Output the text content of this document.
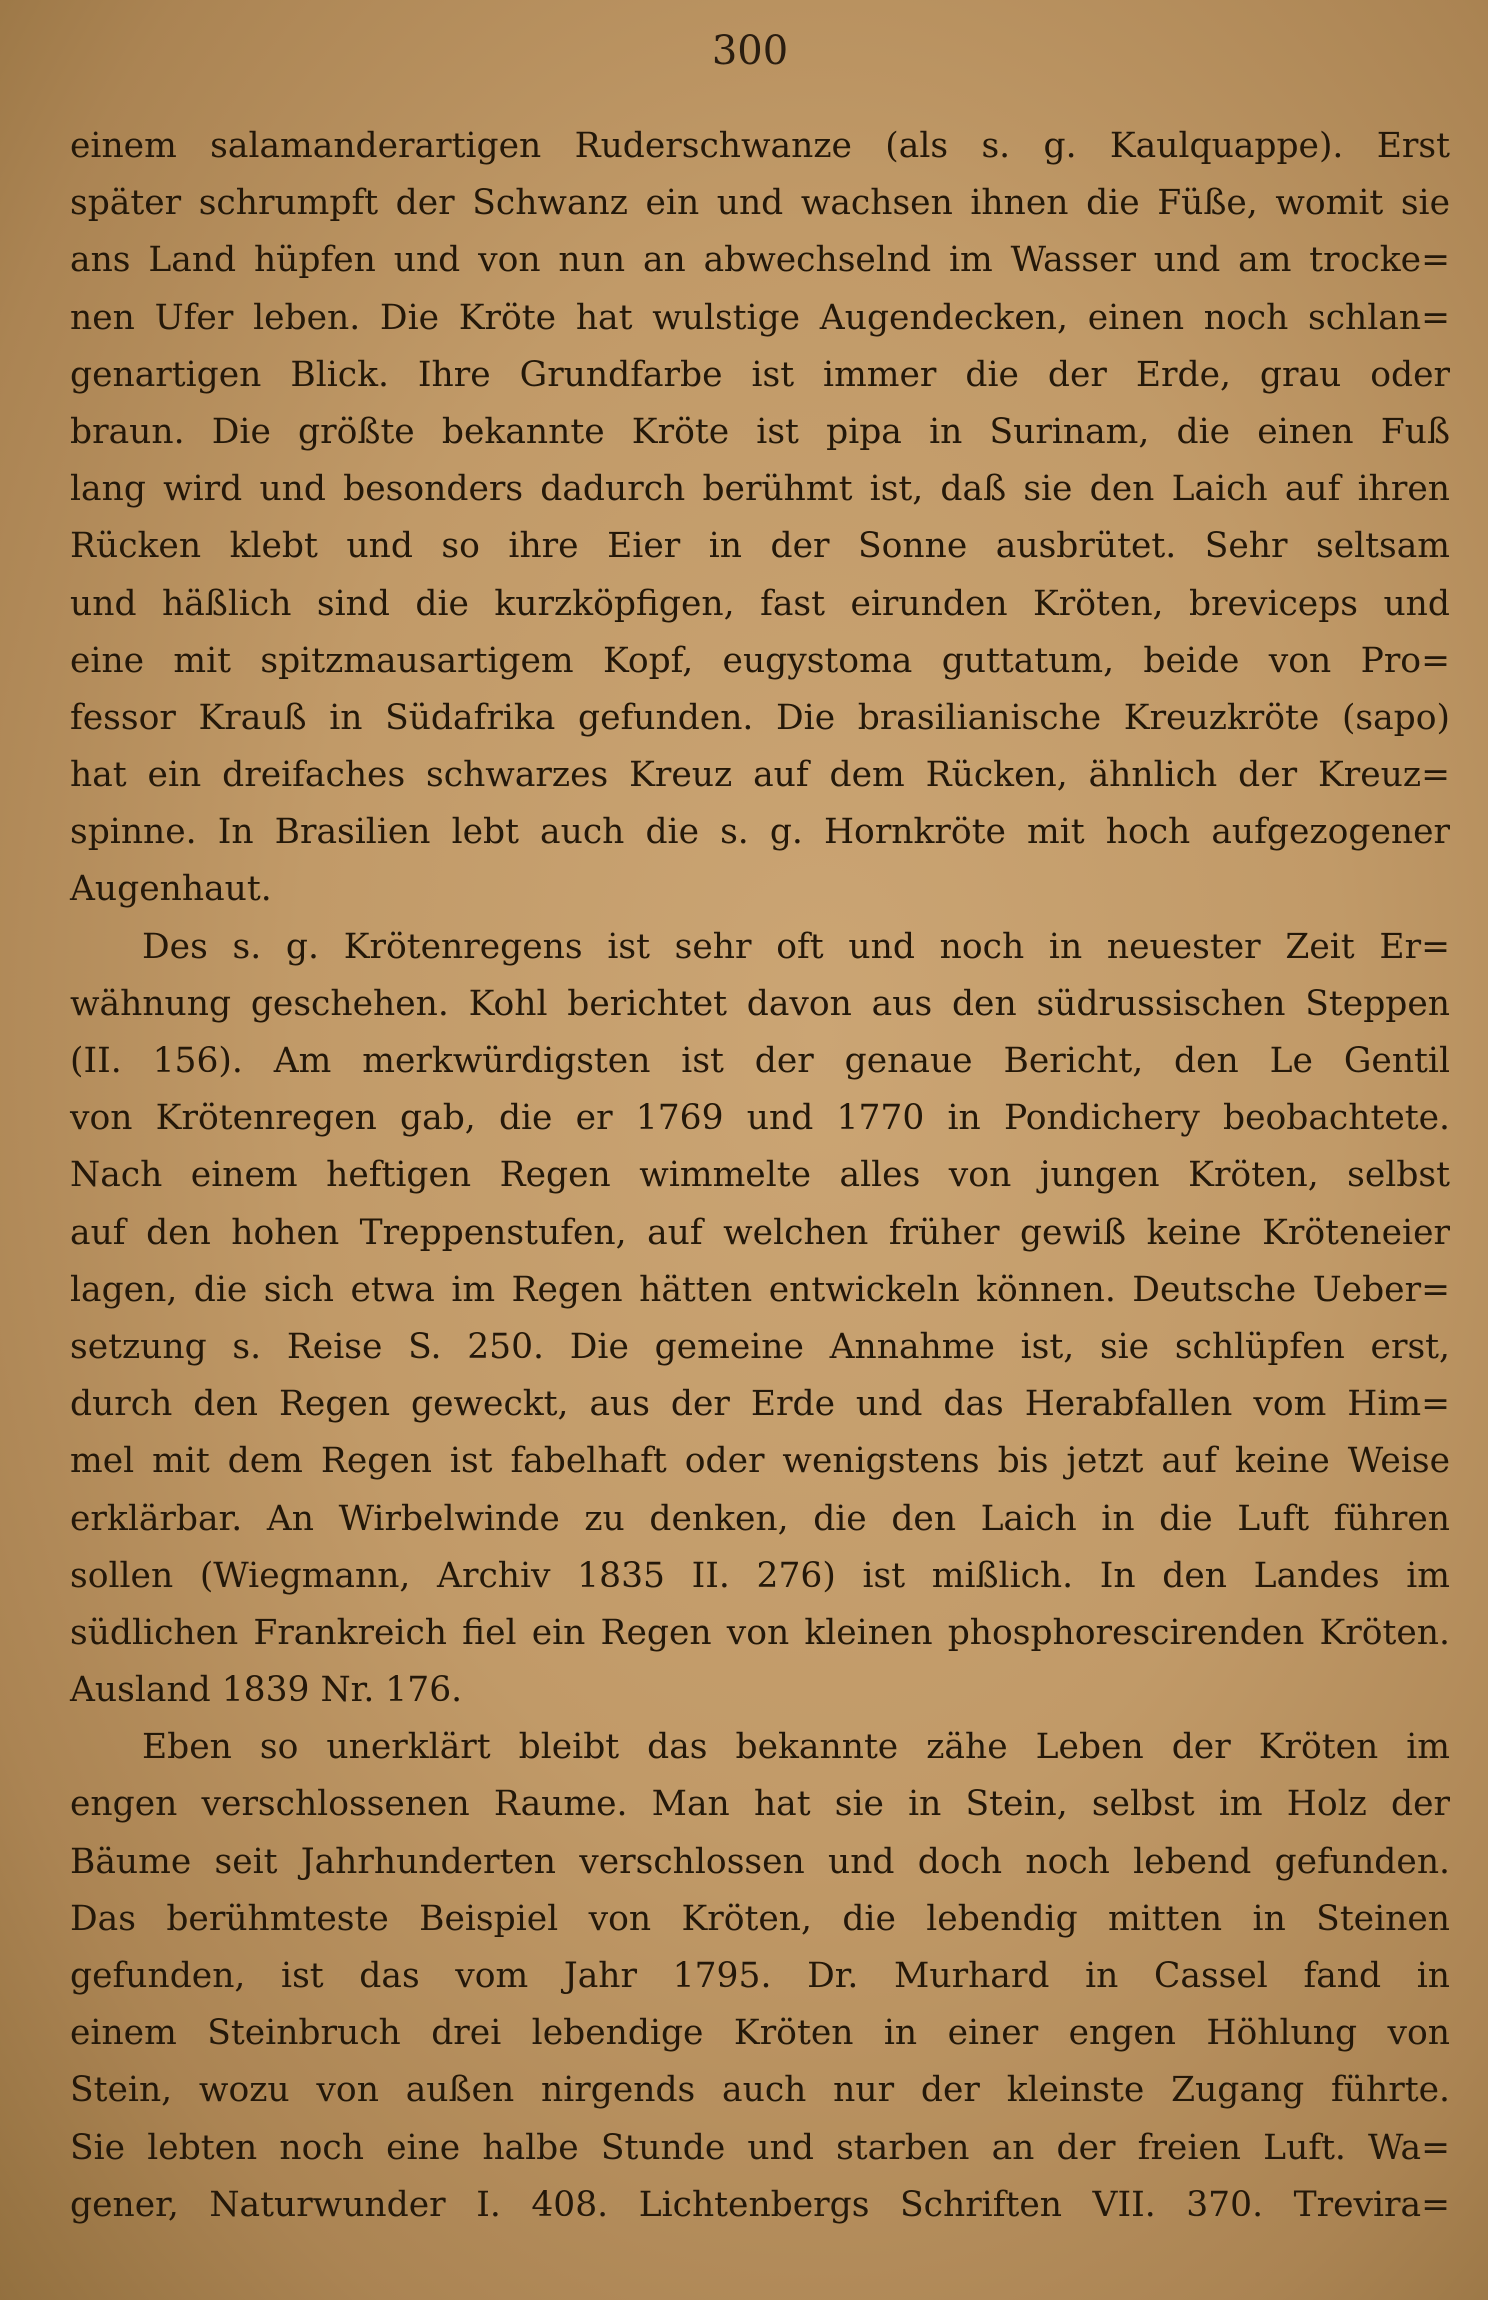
300
einem salamanderartigen Ruderschwanze (als s. g. Kaulquappe). Erst
später schrumpft der Schwanz ein und wachsen ihnen die Füße, womit sie
ans Land hüpfen und von nun an abwechselnd im Wasser und am trocke=
nen Ufer leben. Die Kröte hat wulstige Augendecken, einen noch schlan=
genartigen Blick. Ihre Grundfarbe ist immer die der Erde, grau oder
braun. Die größte bekannte Kröte ist pipa in Surinam, die einen Fuß
lang wird und besonders dadurch berühmt ist, daß sie den Laich auf ihren
Rücken klebt und so ihre Eier in der Sonne ausbrütet. Sehr seltsam
und häßlich sind die kurzköpfigen, fast eirunden Kröten, breviceps und
eine mit spitzmausartigem Kopf, eugystoma guttatum, beide von Pro=
fessor Krauß in Südafrika gefunden. Die brasilianische Kreuzkröte (sapo)
hat ein dreifaches schwarzes Kreuz auf dem Rücken, ähnlich der Kreuz=
spinne. In Brasilien lebt auch die s. g. Hornkröte mit hoch aufgezogener
Augenhaut.
Des s. g. Krötenregens ist sehr oft und noch in neuester Zeit Er=
wähnung geschehen. Kohl berichtet davon aus den südrussischen Steppen
(II. 156). Am merkwürdigsten ist der genaue Bericht, den Le Gentil
von Krötenregen gab, die er 1769 und 1770 in Pondichery beobachtete.
Nach einem heftigen Regen wimmelte alles von jungen Kröten, selbst
auf den hohen Treppenstufen, auf welchen früher gewiß keine Kröteneier
lagen, die sich etwa im Regen hätten entwickeln können. Deutsche Ueber=
setzung s. Reise S. 250. Die gemeine Annahme ist, sie schlüpfen erst,
durch den Regen geweckt, aus der Erde und das Herabfallen vom Him=
mel mit dem Regen ist fabelhaft oder wenigstens bis jetzt auf keine Weise
erklärbar. An Wirbelwinde zu denken, die den Laich in die Luft führen
sollen (Wiegmann, Archiv 1835 II. 276) ist mißlich. In den Landes im
südlichen Frankreich fiel ein Regen von kleinen phosphorescirenden Kröten.
Ausland 1839 Nr. 176.
Eben so unerklärt bleibt das bekannte zähe Leben der Kröten im
engen verschlossenen Raume. Man hat sie in Stein, selbst im Holz der
Bäume seit Jahrhunderten verschlossen und doch noch lebend gefunden.
Das berühmteste Beispiel von Kröten, die lebendig mitten in Steinen
gefunden, ist das vom Jahr 1795. Dr. Murhard in Cassel fand in
einem Steinbruch drei lebendige Kröten in einer engen Höhlung von
Stein, wozu von außen nirgends auch nur der kleinste Zugang führte.
Sie lebten noch eine halbe Stunde und starben an der freien Luft. Wa=
gener, Naturwunder I. 408. Lichtenbergs Schriften VII. 370. Trevira=
